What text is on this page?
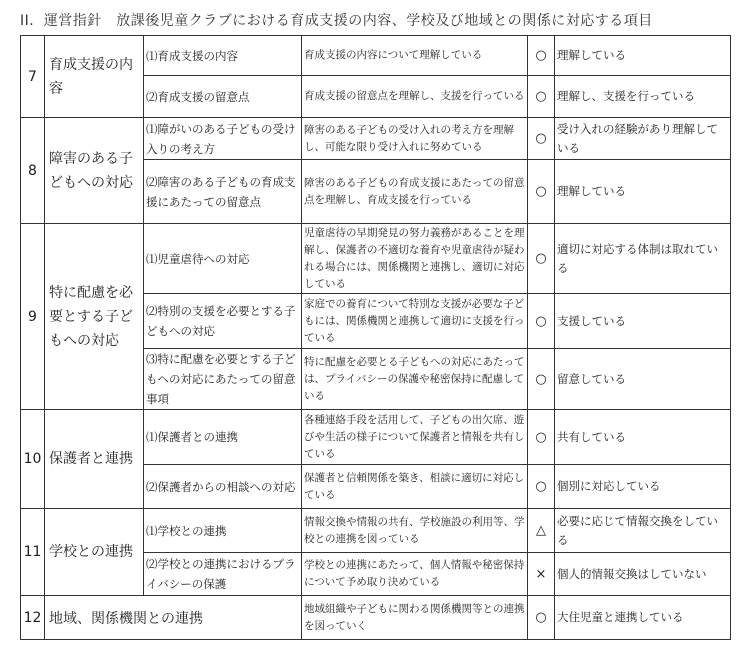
II．運営指針　放課後児童クラブにおける育成支援の内容、学校及び地域との関係に対応する項目
7	育成支援の内容	⑴育成支援の内容	育成支援の内容について理解している	○	理解している
		⑵育成支援の留意点	育成支援の留意点を理解し、支援を行っている	○	理解し、支援を行っている
8	障害のある子どもへの対応	⑴障がいのある子どもの受け入りの考え方	障害のある子どもの受け入れの考え方を理解し、可能な限り受け入れに努めている	○	受け入れの経験があり理解している
		⑵障害のある子どもの育成支援にあたっての留意点	障害のある子どもの育成支援にあたっての留意点を理解し、育成支援を行っている	○	理解している
9	特に配慮を必要とする子どもへの対応	⑴児童虐待への対応	児童虐待の早期発見の努力義務があることを理解し、保護者の不適切な養育や児童虐待が疑われる場合には、関係機関と連携し、適切に対応している	○	適切に対応する体制は取れている
		⑵特別の支援を必要とする子どもへの対応	家庭での養育について特別な支援が必要な子どもには、関係機関と連携して適切に支援を行っている	○	支援している
		⑶特に配慮を必要とする子どもへの対応にあたっての留意事項	特に配慮を必要とる子どもへの対応にあたっては、プライバシーの保護や秘密保持に配慮している	○	留意している
10	保護者と連携	⑴保護者との連携	各種連絡手段を活用して、子どもの出欠席、遊びや生活の様子について保護者と情報を共有している	○	共有している
		⑵保護者からの相談への対応	保護者と信頼関係を築き、相談に適切に対応している	○	個別に対応している
11	学校との連携	⑴学校との連携	情報交換や情報の共有、学校施設の利用等、学校との連携を図っている	△	必要に応じて情報交換をしている
		⑵学校との連携におけるプライバシーの保護	学校との連携にあたって、個人情報や秘密保持について予め取り決めている	×	個人的情報交換はしていない
12	地域、関係機関との連携		地域組織や子どもに関わる関係機関等との連携を図っていく	○	大住児童と連携している
